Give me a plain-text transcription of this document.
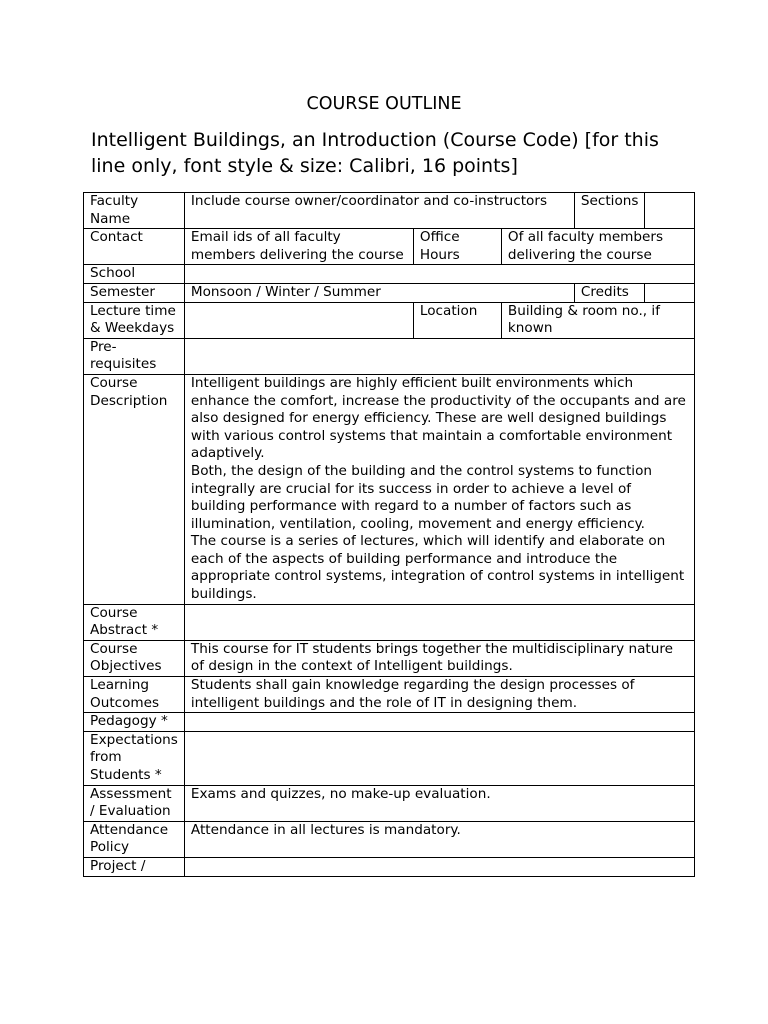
COURSE OUTLINE
Intelligent Buildings, an Introduction (Course Code) [for this line only, font style & size: Calibri, 16 points]
Faculty Name	Include course owner/coordinator and co-instructors			Sections	
Contact	Email ids of all faculty members delivering the course	Office Hours	Of all faculty members delivering the course		
School					
Semester	Monsoon / Winter / Summer			Credits	
Lecture time & Weekdays		Location	Building & room no., if known		
Pre-requisites					
Course Description	Intelligent buildings are highly efficient built environments which enhance the comfort, increase the productivity of the occupants and are also designed for energy efficiency. These are well designed buildings with various control systems that maintain a comfortable environment adaptively.
Both, the design of the building and the control systems to function integrally are crucial for its success in order to achieve a level of building performance with regard to a number of factors such as illumination, ventilation, cooling, movement and energy efficiency.
The course is a series of lectures, which will identify and elaborate on each of the aspects of building performance and introduce the appropriate control systems, integration of control systems in intelligent buildings.				

Course Abstract *					
Course Objectives	This course for IT students brings together the multidisciplinary nature of design in the context of Intelligent buildings.				
Learning Outcomes	Students shall gain knowledge regarding the design processes of intelligent buildings and the role of IT in designing them.				
Pedagogy *					
Expectations from Students *					
Assessment / Evaluation	Exams and quizzes, no make-up evaluation.				
Attendance Policy	Attendance in all lectures is mandatory.				
Project /					
